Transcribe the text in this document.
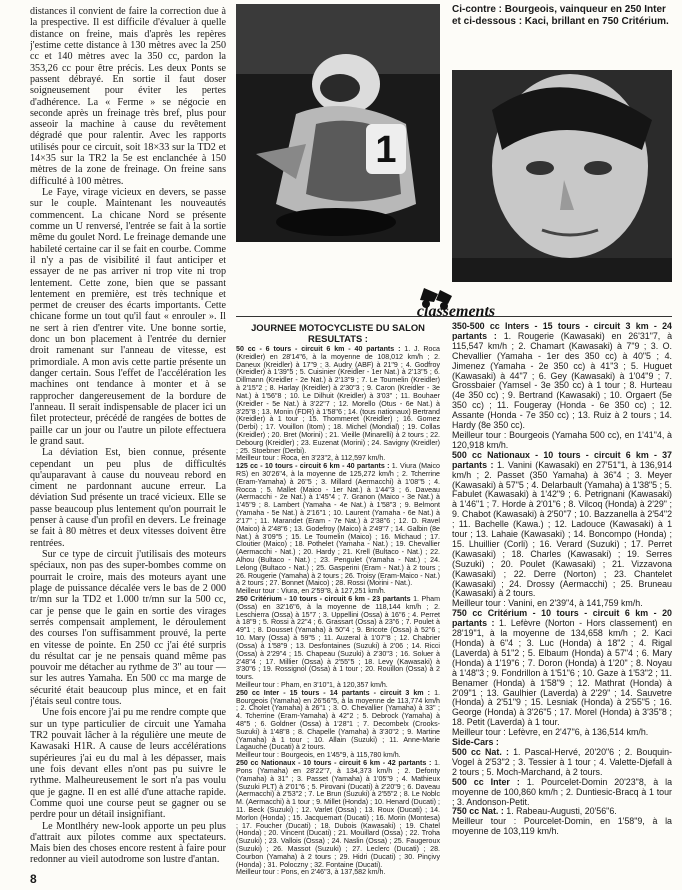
distances il convient de faire la correction due à la prespective. Il est difficile d'évaluer à quelle distance on freine, mais d'après les repères j'estime cette distance à 130 mètres avec la 250 cc et 140 mètres avec la 350 cc, pardon la 353,26 cc pour être précis. Les deux Ponts se passent débrayé. En sortie il faut doser soigneusement pour éviter les pertes d'adhérence. La « Ferme » se négocie en seconde après un freinage très bref, plus pour asseoir la machine à cause du revêtement dégradé que pour ralentir. Avec les rapports utilisés pour ce circuit, soit 18×33 sur la TD2 et 14×35 sur la TR2 la 5e est enclanchée à 150 mètres de la zone de freinage. On freine sans difficulté à 100 mètres.

Le Faye, virage vicieux en devers, se passe sur le couple. Maintenant les nouveautés commencent. La chicane Nord se présente comme un U renversé, l'entrée se fait à la sortie même du goulet Nord. Le freinage demande une habileté certaine car il se fait en courbe. Comme il n'y a pas de visibilité il faut anticiper et essayer de ne pas arriver ni trop vite ni trop lentement. Cette zone, bien que se passant lentement en première, est très technique et permet de creuser des écarts importants. Cette chicane forme un tout qu'il faut « enrouler ». Il ne sert à rien d'entrer vite. Une bonne sortie, donc un bon placement à l'entrée du dernier droit ramenant sur l'anneau de vitesse, est primordiale. A mon avis cette partie présente un danger certain. Sous l'effet de l'accélération les machines ont tendance à monter et à se rapprocher dangereusement de la bordure de l'anneau. Il serait indispensable de placer ici un filet protecteur, précédé de rangées de bottes de paille car un jour ou l'autre un pilote effectuera le grand saut.

La déviation Est, bien connue, présente cependant un peu plus de difficultés qu'auparavant à cause du nouveau rebord en ciment ne pardonnant aucune erreur. La déviation Sud présente un tracé vicieux. Elle se passe beaucoup plus lentement qu'on pourrait le penser à cause d'un profil en devers. Le freinage se fait à 80 mètres et deux vitesses doivent être rentrées.

Sur ce type de circuit j'utilisais des moteurs spéciaux, non pas des super-bombes comme on pourrait le croire, mais des moteurs ayant une plage de puissance décalée vers le bas de 2 000 tr/mn sur la TD2 et 1.000 tr/mn sur la 500 cc, car je pense que le gain en sortie des virages serrés compensait amplement, le déroulement des courses l'on suffisamment prouvé, la perte en vitesse de pointe. En 250 cc j'ai été surpris du résultat car je ne pensais quand même pas pouvoir me détacher au rythme de 3" au tour — sur les autres Yamaha. En 500 cc ma marge de sécurité était beaucoup plus mince, et en fait j'étais seul contre tous.

Une fois encore j'ai pu me rendre compte que sur un type particulier de circuit une Yamaha TR2 pouvait lâcher à la régulière une meute de Kawasaki H1R. A cause de leurs accélérations supérieures j'ai eu du mal à les dépasser, mais une fois devant elles n'ont pas pu suivre le rythme. Malheureusement le sort n'a pas voulu que je gagne. Il en est allé d'une attache rapide. Comme quoi une course peut se gagner ou se perdre pour un détail insignifiant.

Le Montlhéry new-look apporte un peu plus d'attrait aux pilotes comme aux spectateurs. Mais bien des choses encore restent à faire pour redonner au vieil autodrome son lustre d'antan.

8
1
Ci-contre : Bourgeois, vainqueur en 250 Inter et ci-dessous : Kaci, brillant en 750 Critérium.
classements

JOURNEE MOTOCYCLISTE DU SALON RESULTATS :

50 cc - 6 tours - circuit 6 km - 40 partants : 1. J. Roca (Kreidler) en 28'14"6, à la moyenne de 108,012 km/h ; 2. Daneux (Kreidler) à 17"9 ; 3. Audry (ABF) à 21"9 ; 4. Godfroy (Kreidler) à 1'39"5 ; 5. Cuisinier (Kreidler - 1er Nat.) à 2'13"5 ; 6. Dillmann (Kreidler - 2e Nat.) à 2'13"9 ; 7. Le Toumelin (Kreidler) à 2'15"2 ; 8. Harlay (Kreidler) à 2'30"3 ; 9. Caron (Kreidler - 3e Nat.) à 1'56"8 ; 10. Le Dilhuit (Kreidler) à 3'03" ; 11. Bouhaer (Kreidler - 5e Nat.) à 3'22"7 ; 12. Morello (Otus - 6e Nat.) à 3'25"8 ; 13. Monin (FDR) à 1'58"6 ; 14. (tous nationaux) Bertrand (Kreidler) à 1 tour ; 15. Thommeret (Kreidler) ; 16. Gomez (Derbi) ; 17. Vouillon (Itom) ; 18. Michel (Mondial) ; 19. Collas (Kreidler) ; 20. Bret (Morini) ; 21. Vieille (Minarelli) à 2 tours ; 22. Debourg (Kreidler) ; 23. Euzenat (Morini) ; 24. Savigny (Kreidler) ; 25. Stoebner (Derbi).
Meilleur tour : Roca, en 3'23"2, à 112,597 km/h.

125 cc - 10 tours - circuit 6 km - 40 partants : 1. Viura (Maico RS) en 30'26"4, à la moyenne de 125,272 km/h ; 2. Tcherrine (Eram-Yamaha) à 26"5 ; 3. Millard (Aermacchi) à 1'08"5 ; 4. Rocca ; 5. Mallet (Maico - 1er Nat.) à 1'44"3 ; 6. Daveau (Aermacchi - 2e Nat.) à 1'45"4 ; 7. Granon (Maico - 3e Nat.) à 1'45"9 ; 8. Lambert (Yamaha - 4e Nat.) à 1'58"3 ; 9. Belmont (Yamaha - 5e Nat.) à 2'16"1 ; 10. Laurent (Yamaha - 6e Nat.) à 2'17" ; 11. Marandet (Eram - 7e Nat.) à 2'38"6 ; 12. D. Ravel (Maico) à 2'48"6 ; 13. Godefroy (Maico) à 2'49"7 ; 14. Galbin (8e Nat.) à 3'09"5 ; 15. Le Toumelin (Maico) ; 16. Michaud ; 17. Cloutier (Maico) ; 18. Pothelet (Yamaha - Nat.) ; 19. Chevallier (Aermacchi - Nat.) ; 20. Hardy ; 21. Krell (Bultaco - Nat.) ; 22. Alhou (Bultaco - Nat.) ; 23. Pengulet (Yamaha - Nat.) ; 24. Lelong (Bultaco - Nat.) ; 25. Gasperini (Eram - Nat.) à 2 tours ; 26. Rougerie (Yamaha) à 2 tours ; 26. Troisy (Eram-Maico - Nat.) à 2 tours ; 27. Bonnet (Maico) ; 28. Rossi (Morini - Nat.).
Meilleur tour : Viura, en 2'59"8, à 127,251 km/h.

250 Critérium - 10 tours - circuit 6 km - 23 partants 1. Pham (Ossa) en 32'16"6, à la moyenne de 118,144 km/h ; 2. Leschierra (Ossa) à 15"7 ; 3. Uppellini (Ossa) à 16"6 ; 4. Perret à 18"9 ; 5. Rossi à 22"4 ; 6. Grassart (Ossa) à 23"6 ; 7. Poulet à 49"1 ; 8. Dousset (Yamaha) à 50"4 ; 9. Bricote (Ossa) à 52"6 ; 10. Mary (Ossa) à 59"5 ; 11. Auzeral à 1'07"8 ; 12. Chabrier (Ossa) à 1'58"9 ; 13. Desfontaines (Suzuki) à 2'06 ; 14. Ricci (Ossa) à 2'29"4 ; 15. Chapeau (Suzuki) à 2'30"3 ; 16. Soluer à 2'48"4 ; 17. Millier (Ossa) à 2'55"5 ; 18. Levy (Kawasaki) à 3'30"6 ; 19. Rossignol (Ossa) à 1 tour ; 20. Rouillon (Ossa) à 2 tours.
Meilleur tour : Pham, en 3'10"1, à 120,357 km/h.

250 cc Inter - 15 tours - 14 partants - circuit 3 km : 1. Bourgeois (Yamaha) en 26'56"5, à la moyenne de 113,774 km/h ; 2. Cholet (Yamaha) à 26"1 ; 3. O. Chevallier (Yamaha) à 33" ; 4. Tcherrine (Eram-Yamaha) à 42"2 ; 5. Debrock (Yamaha) à 48"5 ; 6. Goldner (Ossa) à 1'28"1 ; 7. Decombelx (Crooks-Suzuki) à 1'48"8 ; 8. Chapelle (Yamaha) à 3'30"2 ; 9. Martine (Yamaha) à 1 tour ; 10. Allain (Suzuki) ; 11. Anne-Marie Lagauche (Ducati) à 2 tours.
Meilleur tour : Bourgeois, en 1'45"9, à 115,780 km/h.

250 cc Nationaux - 10 tours - circuit 6 km - 42 partants : 1. Pons (Yamaha) en 28'22"7, à 134,373 km/h ; 2. Defonty (Yamaha) à 31" ; 3. Passet (Yamaha) à 1'05"9 ; 4. Mathieux (Suzuki PLT) à 2'01"6 ; 5. Pirovani (Ducati) à 2'20"9 ; 6. Daveau (Aermacchi) à 2'53"2 ; 7. Le Brun (Suzuki) à 2'55"2 ; 8. Le Noblc M. (Aermacchi) à 1 tour ; 9. Millet (Honda) ; 10. Henard (Ducati) ; 11. Beck (Suzuki) ; 12. Varlet (Ossa) ; 13. Roux (Ducati) ; 14. Morlon (Honda) ; 15. Jacquemart (Ducati) ; 16. Morin (Montesa) ; 17. Foucher (Ducati) ; 18. Dubois (Kawasaki) ; 19. Chatel (Honda) ; 20. Vincent (Ducati) ; 21. Mouillard (Ossa) ; 22. Troha (Suzuki) ; 23. Vallois (Ossa) ; 24. Naslin (Ossa) ; 25. Faugerouх (Suzuki) ; 26. Massot (Suzuki) ; 27. Leclerc (Ducati) ; 28. Courbon (Yamaha) à 2 tours ; 29. Hidri (Ducati) ; 30. Pinçivy (Honda) ; 31. Poloczny ; 32. Fontaine (Ducati).
Meilleur tour : Pons, en 2'46"3, à 137,582 km/h.

350-500 cc Inters - 15 tours - circuit 3 km - 24 partants : 1. Rougerie (Kawasaki) en 26'31"7, à 115,547 km/h ; 2. Chamart (Kawasaki) à 7"9 ; 3. O. Chevallier (Yamaha - 1er des 350 cc) à 40"5 ; 4. Jimenez (Yamaha - 2e 350 cc) à 41"3 ; 5. Huguet (Kawasaki) à 44"7 ; 6. Gey (Kawasaki) à 1'04"9 ; 7. Grossbaier (Yamsel - 3e 350 cc) à 1 tour ; 8. Hurteau (4e 350 cc) ; 9. Bertrand (Kawasaki) ; 10. Orgaert (5e 350 cc) ; 11. Fougeray (Honda - 6e 350 cc) ; 12. Assante (Honda - 7e 350 cc) ; 13. Ruiz à 2 tours ; 14. Hardy (8e 350 cc).
Meilleur tour : Bourgeois (Yamaha 500 cc), en 1'41"4, à 120,918 km/h.

500 cc Nationaux - 10 tours - circuit 6 km - 37 partants : 1. Vanini (Kawasaki) en 27'51"1, à 136,914 km/h ; 2. Passet (350 Yamaha) à 36"4 ; 3. Meyer (Kawasaki) à 57"5 ; 4. Delarbault (Yamaha) à 1'38"5 ; 5. Fabulet (Kawasaki) à 1'42"9 ; 6. Petrignani (Kawasaki) à 1'46"1 ; 7. Horde à 2'01"6 ; 8. Vilcoq (Honda) à 2'29" ; 9. Chabot (Kawasaki) à 2'50"7 ; 10. Bazzanella à 2'54"2 ; 11. Bachelle (Kawa.) ; 12. Ladouce (Kawasaki) à 1 tour ; 13. Lahaie (Kawasaki) ; 14. Boncompo (Honda) ; 15. Lhuillier (Corli) ; 16. Verard (Suzuki) ; 17. Perret (Kawasaki) ; 18. Charles (Kawasaki) ; 19. Serres (Suzuki) ; 20. Poulet (Kawasaki) ; 21. Vizzavona (Kawasaki) ; 22. Derre (Norton) ; 23. Chantelet (Kawasaki) ; 24. Drossy (Aermacchi) ; 25. Bruneau (Kawasaki) à 2 tours.
Meilleur tour : Vanini, en 2'39"4, à 141,759 km/h.

750 cc Critérium - 10 tours - circuit 6 km - 20 partants : 1. Lefèvre (Norton - Hors classement) en 28'19"1, à la moyenne de 134,658 km/h ; 2. Kaci (Honda) à 6"4 ; 3. Luc (Honda) à 18"2 ; 4. Rigal (Laverda) à 51"2 ; 5. Elbaum (Honda) à 57"4 ; 6. Mary (Honda) à 1'19"6 ; 7. Doron (Honda) à 1'20" ; 8. Noyau à 1'48"3 ; 9. Fondrillon à 1'51"6 ; 10. Gaze à 1'53"2 ; 11. Benamer (Honda) à 1'58"9 ; 12. Mathrat (Honda) à 2'09"1 ; 13. Gaulhier (Laverda) à 2'29" ; 14. Sauvetre (Honda) à 2'51"9 ; 15. Lesniak (Honda) à 2'55"5 ; 16. George (Honda) à 3'26"5 ; 17. Morel (Honda) à 3'35"8 ; 18. Petit (Laverda) à 1 tour.
Meilleur tour : Lefèvre, en 2'47"6, à 136,514 km/h.

Side-Cars :

500 cc Nat. : 1. Pascal-Hervé, 20'20"6 ; 2. Bouquin-Vogel à 2'53"2 ; 3. Tessier à 1 tour ; 4. Valette-Djefall à 2 tours ; 5. Moch-Marchand, à 2 tours.

500 cc Inter : 1. Pourcelet-Domin 20'23"8, à la moyenne de 100,860 km/h ; 2. Duntiesic-Bracq à 1 tour ; 3. Andonson-Petit.

750 cc Nat. : 1. Rabeau-Augusti, 20'56"6.
Meilleur tour : Pourcelet-Domin, en 1'58"9, à la moyenne de 103,119 km/h.
